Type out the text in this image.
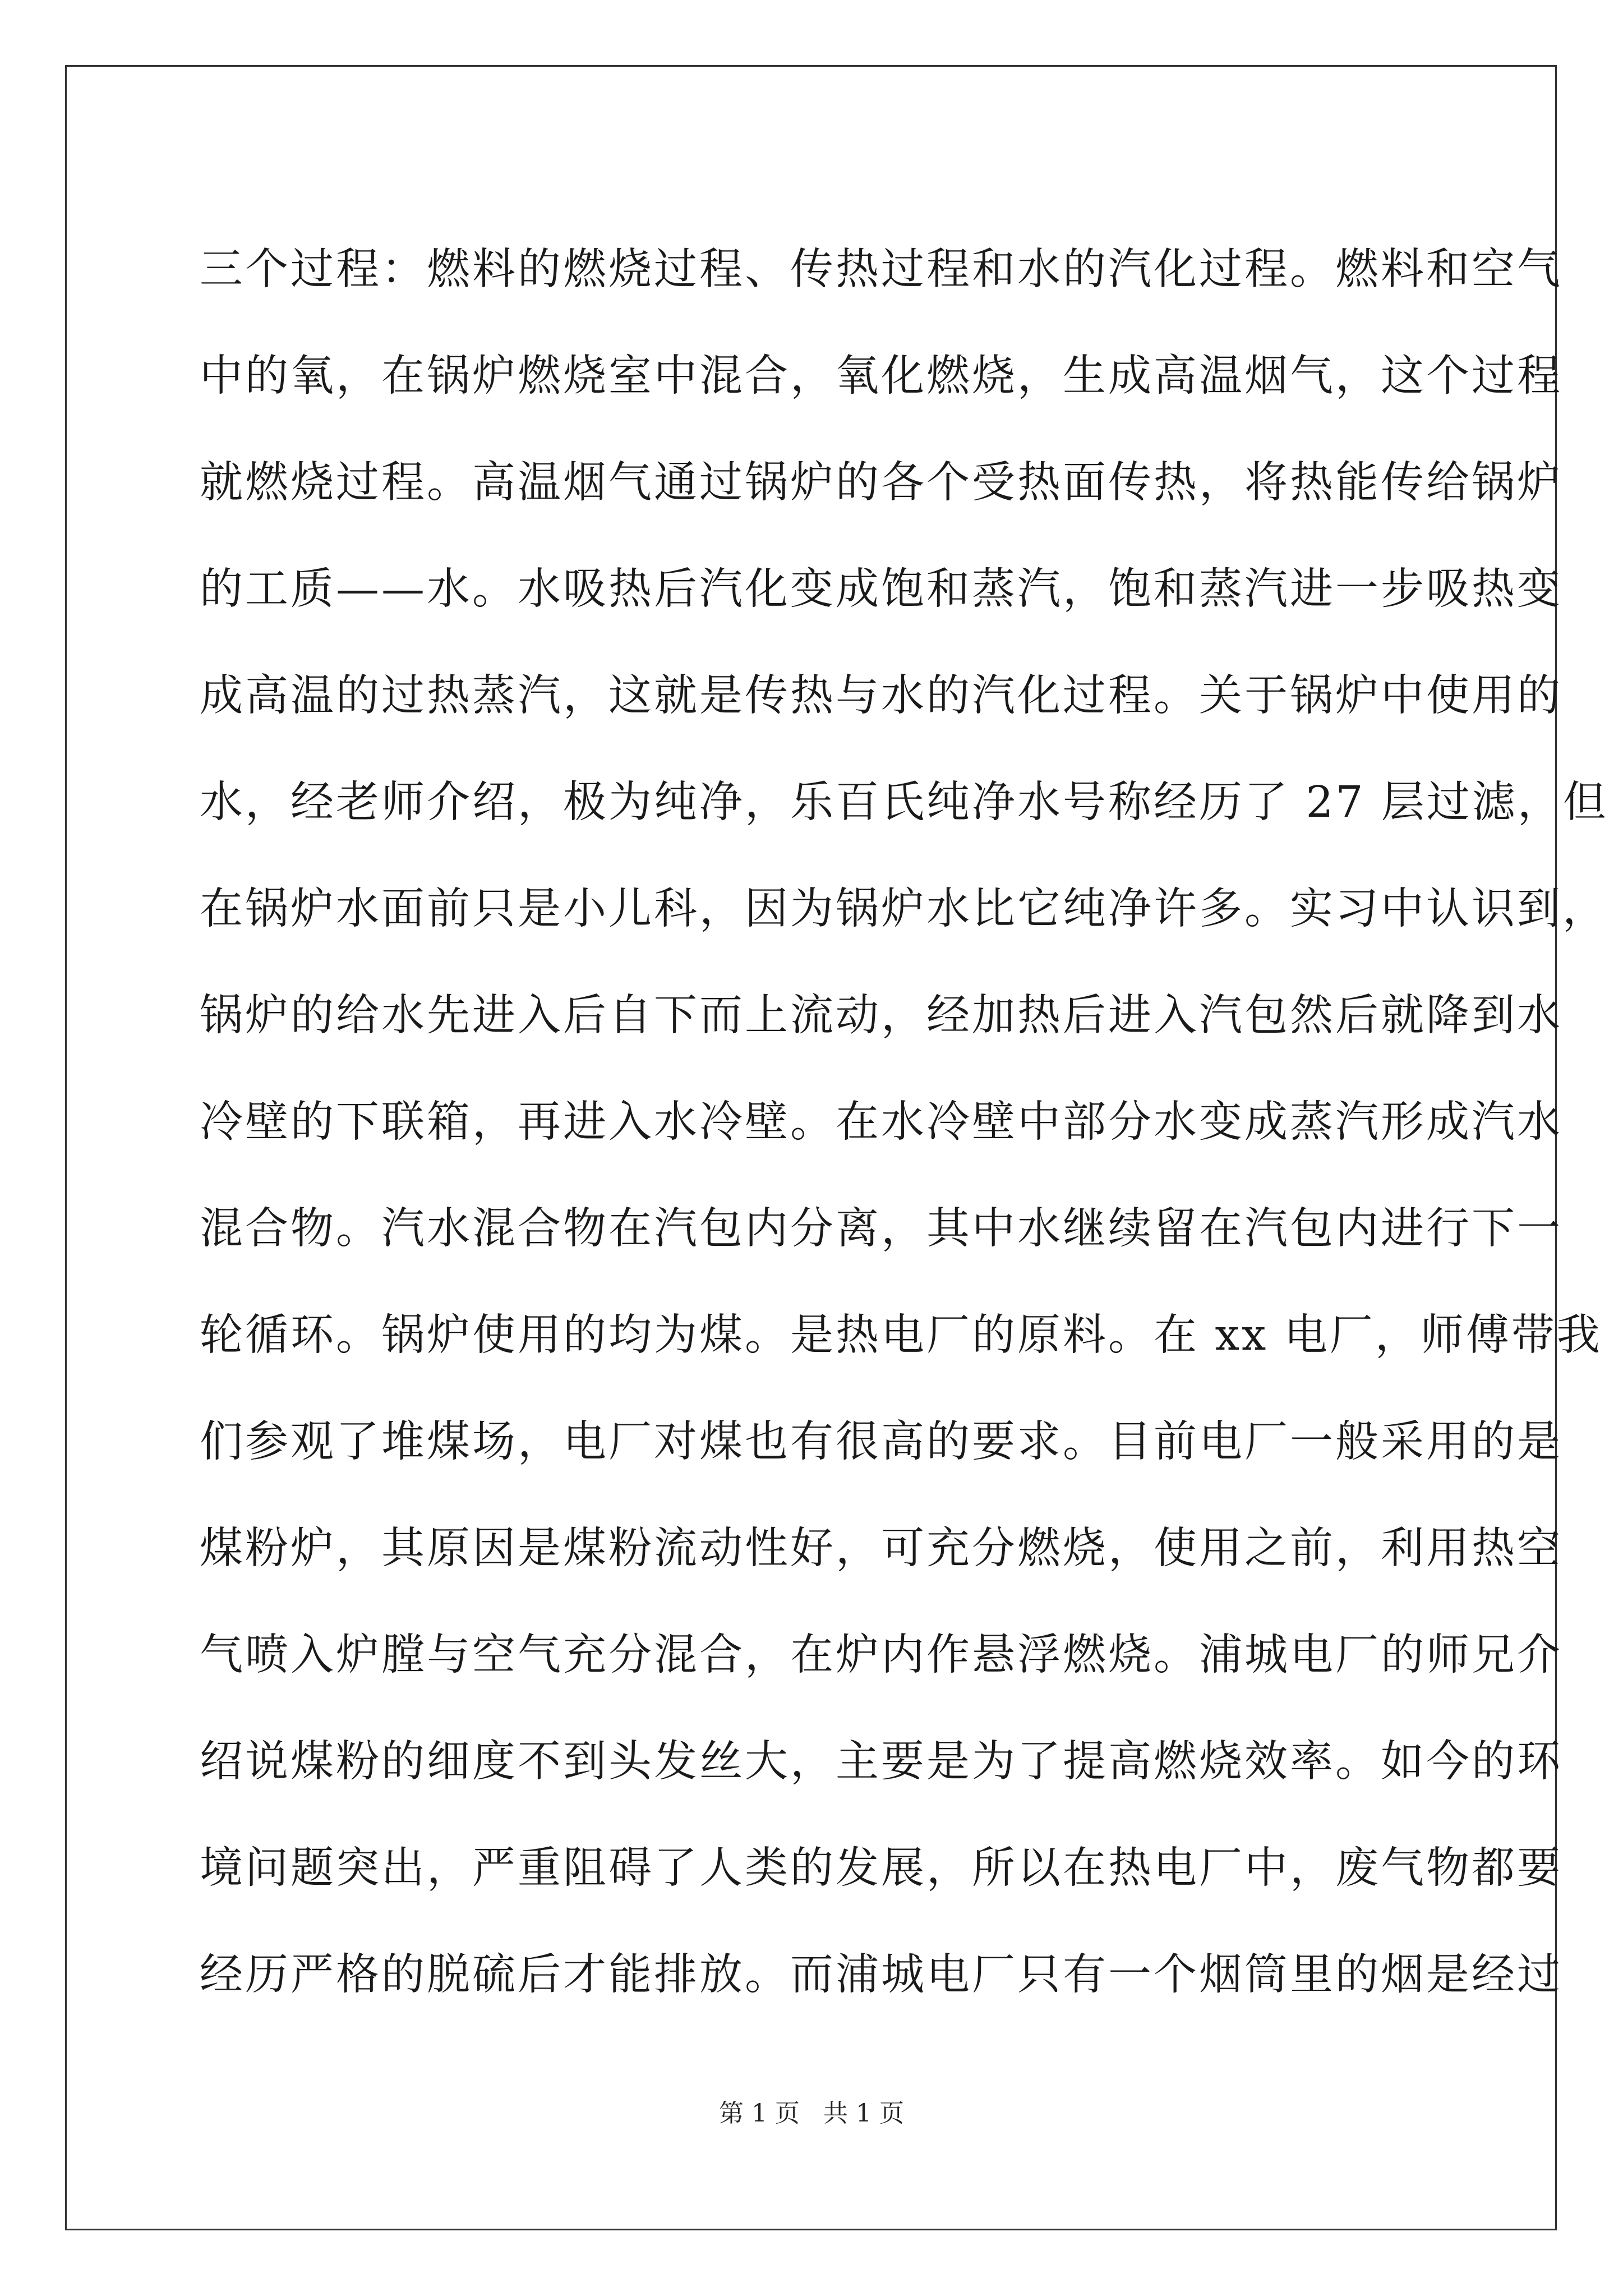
三个过程：燃料的燃烧过程、传热过程和水的汽化过程。燃料和空气
中的氧，在锅炉燃烧室中混合，氧化燃烧，生成高温烟气，这个过程
就燃烧过程。高温烟气通过锅炉的各个受热面传热，将热能传给锅炉
的工质——水。水吸热后汽化变成饱和蒸汽，饱和蒸汽进一步吸热变
成高温的过热蒸汽，这就是传热与水的汽化过程。关于锅炉中使用的
水，经老师介绍，极为纯净，乐百氏纯净水号称经历了 27 层过滤，但
在锅炉水面前只是小儿科，因为锅炉水比它纯净许多。实习中认识到，
锅炉的给水先进入后自下而上流动，经加热后进入汽包然后就降到水
冷壁的下联箱，再进入水冷壁。在水冷壁中部分水变成蒸汽形成汽水
混合物。汽水混合物在汽包内分离，其中水继续留在汽包内进行下一
轮循环。锅炉使用的均为煤。是热电厂的原料。在 xx 电厂，师傅带我
们参观了堆煤场，电厂对煤也有很高的要求。目前电厂一般采用的是
煤粉炉，其原因是煤粉流动性好，可充分燃烧，使用之前，利用热空
气喷入炉膛与空气充分混合，在炉内作悬浮燃烧。浦城电厂的师兄介
绍说煤粉的细度不到头发丝大，主要是为了提高燃烧效率。如今的环
境问题突出，严重阻碍了人类的发展，所以在热电厂中，废气物都要
经历严格的脱硫后才能排放。而浦城电厂只有一个烟筒里的烟是经过
第 1 页 共 1 页
